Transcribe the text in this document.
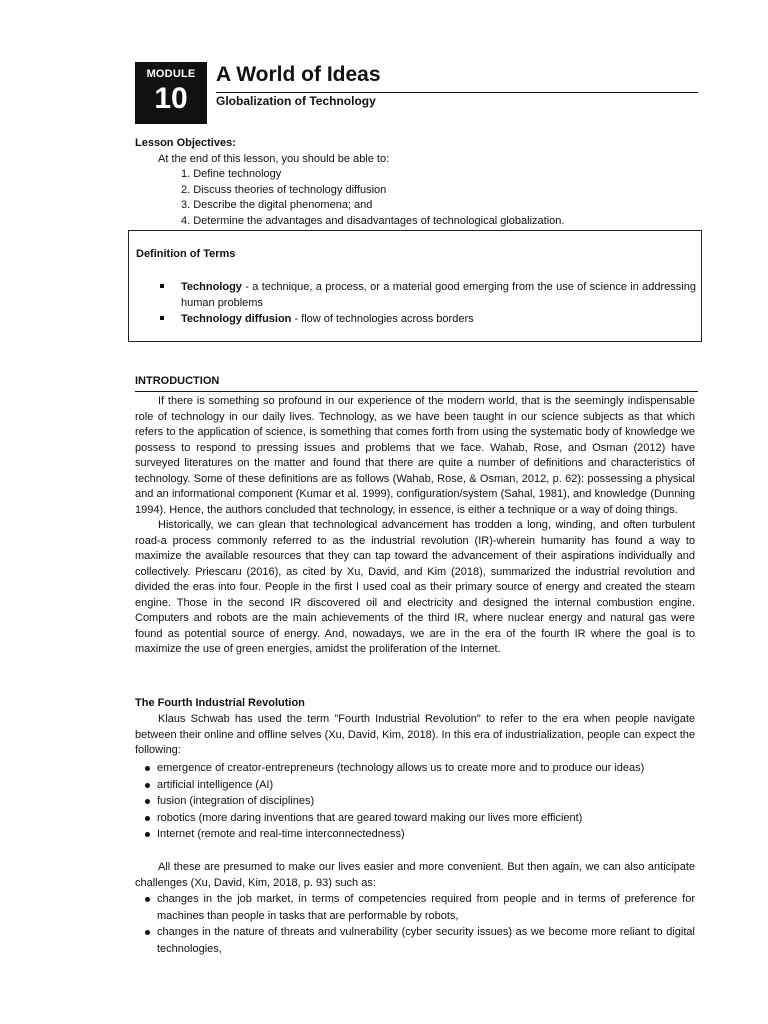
MODULE
10
A World of Ideas
Globalization of Technology
Lesson Objectives:
At the end of this lesson, you should be able to:
1. Define technology
2. Discuss theories of technology diffusion
3. Describe the digital phenomena; and
4. Determine the advantages and disadvantages of technological globalization.
Definition of Terms
Technology - a technique, a process, or a material good emerging from the use of science in addressing human problems
Technology diffusion - flow of technologies across borders
INTRODUCTION

If there is something so profound in our experience of the modern world, that is the seemingly indispensable role of technology in our daily lives. Technology, as we have been taught in our science subjects as that which refers to the application of science, is something that comes forth from using the systematic body of knowledge we possess to respond to pressing issues and problems that we face. Wahab, Rose, and Osman (2012) have surveyed literatures on the matter and found that there are quite a number of definitions and characteristics of technology. Some of these definitions are as follows (Wahab, Rose, & Osman, 2012, p. 62): possessing a physical and an informational component (Kumar et al. 1999), configuration/system (Sahal, 1981), and knowledge (Dunning 1994). Hence, the authors concluded that technology, in essence, is either a technique or a way of doing things.

Historically, we can glean that technological advancement has trodden a long, winding, and often turbulent road-a process commonly referred to as the industrial revolution (IR)-wherein humanity has found a way to maximize the available resources that they can tap toward the advancement of their aspirations individually and collectively. Priescaru (2016), as cited by Xu, David, and Kim (2018), summarized the industrial revolution and divided the eras into four. People in the first I used coal as their primary source of energy and created the steam engine. Those in the second IR discovered oil and electricity and designed the internal combustion engine. Computers and robots are the main achievements of the third IR, where nuclear energy and natural gas were found as potential source of energy. And, nowadays, we are in the era of the fourth IR where the goal is to maximize the use of green energies, amidst the proliferation of the Internet.

The Fourth Industrial Revolution

Klaus Schwab has used the term "Fourth Industrial Revolution" to refer to the era when people navigate between their online and offline selves (Xu, David, Kim, 2018). In this era of industrialization, people can expect the following:

emergence of creator-entrepreneurs (technology allows us to create more and to produce our ideas)
artificial intelligence (AI)
fusion (integration of disciplines)
robotics (more daring inventions that are geared toward making our lives more efficient)
Internet (remote and real-time interconnectedness)

All these are presumed to make our lives easier and more convenient. But then again, we can also anticipate challenges (Xu, David, Kim, 2018, p. 93) such as:

changes in the job market, in terms of competencies required from people and in terms of preference for machines than people in tasks that are performable by robots,
changes in the nature of threats and vulnerability (cyber security issues) as we become more reliant to digital technologies,
